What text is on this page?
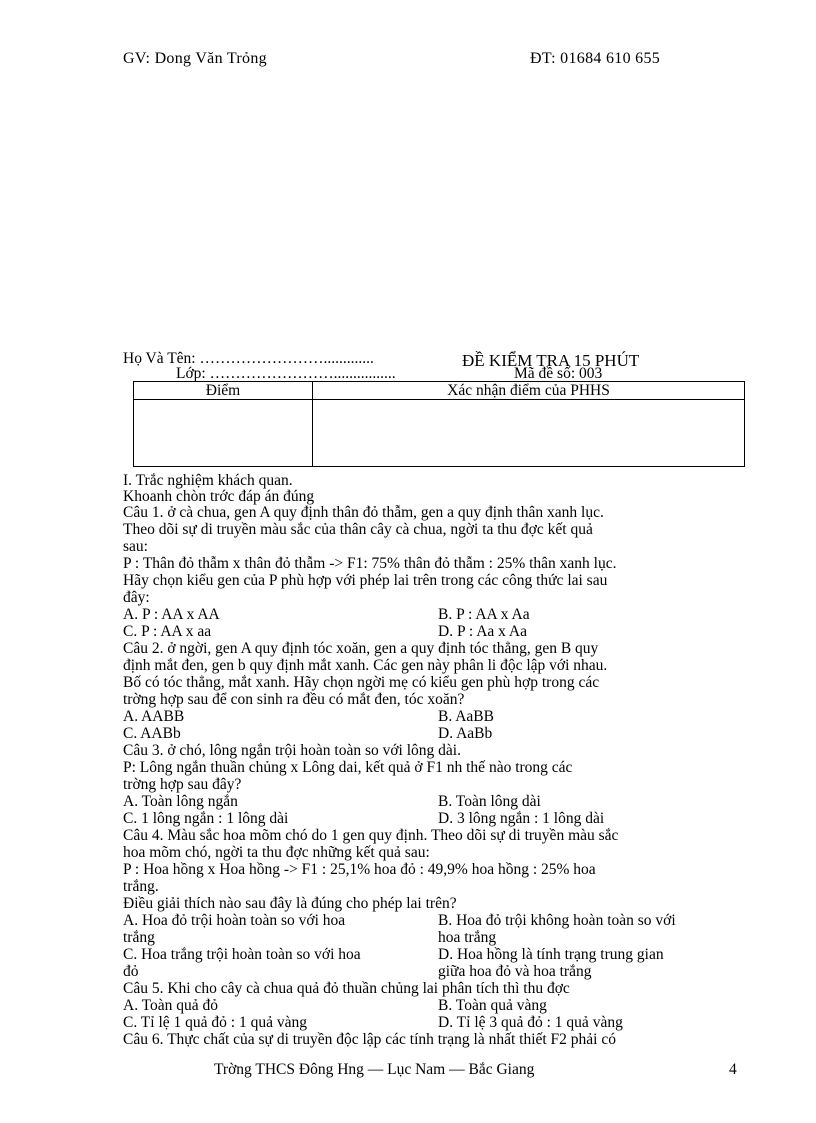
GV: Dong Văn Trỏng	ĐT: 01684 610 655
Họ Và Tên: …………………….............	ĐỀ KIỂM TRA 15 PHÚT
Lớp: ……………………................	Mã đề số: 003
Điểm	Xác nhận điểm của PHHS

I. Trắc nghiệm khách quan.
Khoanh chòn trớc đáp án đúng
Câu 1. ở cà chua, gen A quy định thân đỏ thẫm, gen a quy định thân xanh lục.
Theo dõi sự di truyền màu sắc của thân cây cà chua, ngời ta thu đợc kết quả
sau:
P : Thân đỏ thẫm x thân đỏ thẫm -> F1: 75% thân đỏ thẫm : 25% thân xanh lục.
Hãy chọn kiểu gen của P phù hợp với phép lai trên trong các công thức lai sau
đây:
A. P : AA x AA	B. P : AA x Aa
C. P : AA x aa	D. P : Aa x Aa
Câu 2. ở ngời, gen A quy định tóc xoăn, gen a quy định tóc thẳng, gen B quy
định mắt đen, gen b quy định mắt xanh. Các gen này phân li độc lập với nhau.
Bố có tóc thẳng, mắt xanh. Hãy chọn ngời mẹ có kiểu gen phù hợp trong các
trờng hợp sau để con sinh ra đều có mắt đen, tóc xoăn?
A. AABB	B. AaBB
C. AABb	D. AaBb
Câu 3. ở chó, lông ngắn trội hoàn toàn so với lông dài.
P: Lông ngắn thuần chủng x Lông dai, kết quả ở F1 nh thế nào trong các
trờng hợp sau đây?
A. Toàn lông ngắn	B. Toàn lông dài
C. 1 lông ngắn : 1 lông dài	D. 3 lông ngắn : 1 lông dài
Câu 4. Màu sắc hoa mõm chó do 1 gen quy định. Theo dõi sự di truyền màu sắc
hoa mõm chó, ngời ta thu đợc những kết quả sau:
P : Hoa hồng x Hoa hồng -> F1 : 25,1% hoa đỏ : 49,9% hoa hồng : 25% hoa
trắng.
Điều giải thích nào sau đây là đúng cho phép lai trên?
A. Hoa đỏ trội hoàn toàn so với hoa	B. Hoa đỏ trội không hoàn toàn so với
trắng	hoa trắng
C. Hoa trắng trội hoàn toàn so với hoa	D. Hoa hồng là tính trạng trung gian
đỏ	giữa hoa đỏ và hoa trắng
Câu 5. Khi cho cây cà chua quả đỏ thuần chủng lai phân tích thì thu đợc
A. Toàn quả đỏ	B. Toàn quả vàng
C. Tỉ lệ 1 quả đỏ : 1 quả vàng	D. Tỉ lệ 3 quả đỏ : 1 quả vàng
Câu 6. Thực chất của sự di truyền độc lập các tính trạng là nhất thiết F2 phải có
Trờng THCS Đông Hng — Lục Nam — Bắc Giang	4
